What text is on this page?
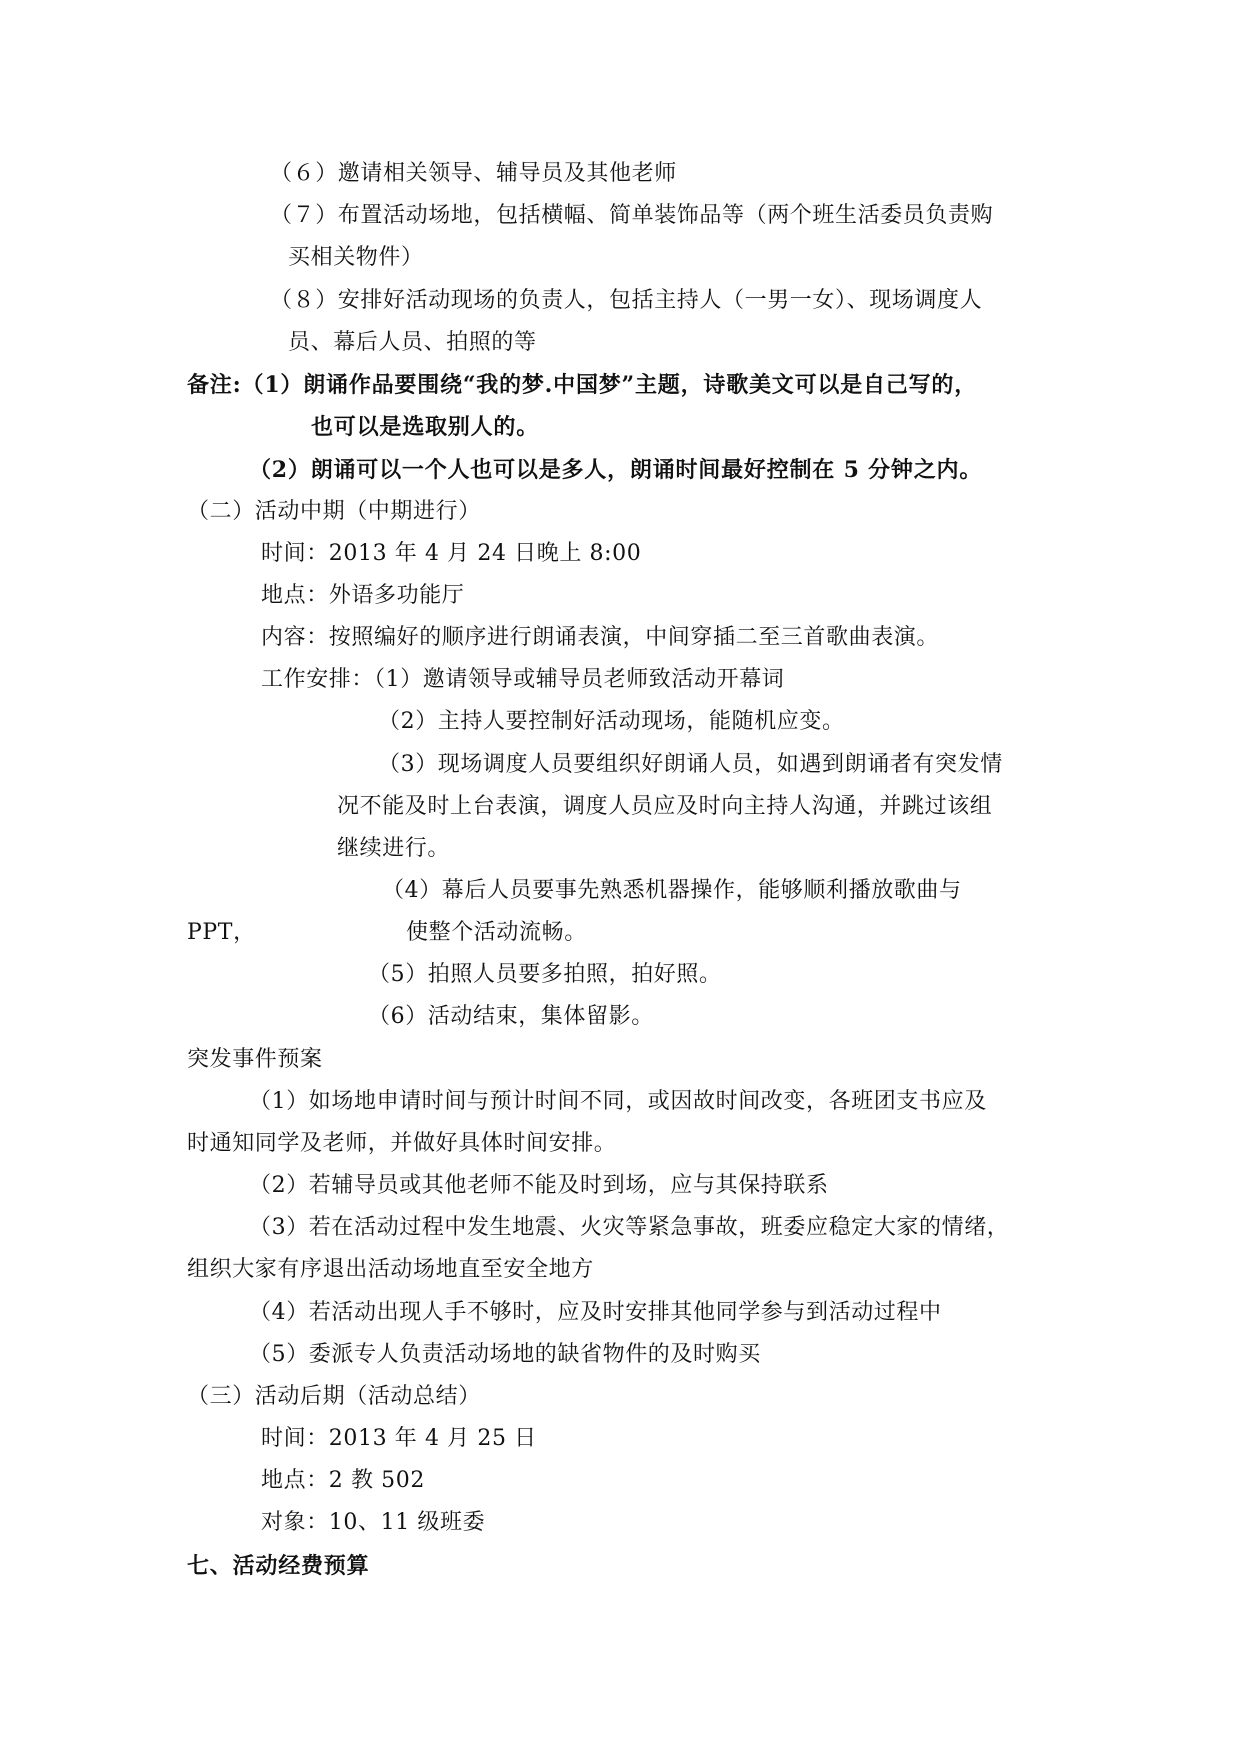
（６）邀请相关领导、辅导员及其他老师
（７）布置活动场地，包括横幅、简单装饰品等（两个班生活委员负责购
买相关物件）
（８）安排好活动现场的负责人，包括主持人（一男一女）、现场调度人
员、幕后人员、拍照的等
备注:（1）朗诵作品要围绕“我的梦.中国梦”主题，诗歌美文可以是自己写的，
也可以是选取别人的。
（2）朗诵可以一个人也可以是多人，朗诵时间最好控制在 5 分钟之内。
（二）活动中期（中期进行）
时间：2013 年 4 月 24 日晚上 8:00
地点：外语多功能厅
内容：按照编好的顺序进行朗诵表演，中间穿插二至三首歌曲表演。
工作安排：（1）邀请领导或辅导员老师致活动开幕词
（2）主持人要控制好活动现场，能随机应变。
（3）现场调度人员要组织好朗诵人员，如遇到朗诵者有突发情
况不能及时上台表演，调度人员应及时向主持人沟通，并跳过该组
继续进行。
（4）幕后人员要事先熟悉机器操作，能够顺利播放歌曲与
PPT，	使整个活动流畅。
（5）拍照人员要多拍照，拍好照。
（6）活动结束，集体留影。
突发事件预案
（1）如场地申请时间与预计时间不同，或因故时间改变，各班团支书应及
时通知同学及老师，并做好具体时间安排。
（2）若辅导员或其他老师不能及时到场，应与其保持联系
（3）若在活动过程中发生地震、火灾等紧急事故，班委应稳定大家的情绪，
组织大家有序退出活动场地直至安全地方
（4）若活动出现人手不够时，应及时安排其他同学参与到活动过程中
（5）委派专人负责活动场地的缺省物件的及时购买
（三）活动后期（活动总结）
时间：2013 年 4 月 25 日
地点：2 教 502
对象：10、11 级班委
七、活动经费预算
